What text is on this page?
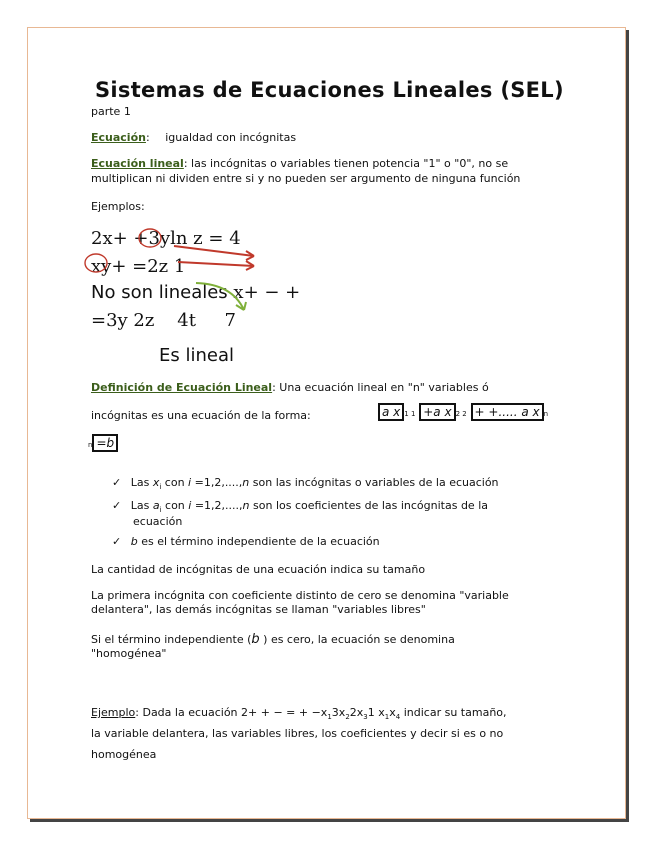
Sistemas de Ecuaciones Lineales (SEL)
parte 1
Ecuación: igualdad con incógnitas
Ecuación lineal: las incógnitas o variables tienen potencia "1" o "0", no se
multiplican ni dividen entre si y no pueden ser argumento de ninguna función
Ejemplos:
2x+ +3yln z = 4
xy+ =2z 1
No son lineales x+ − +
=3y 2z    4t     7
Es lineal
Definición de Ecuación Lineal: Una ecuación lineal en "n" variables ó
incógnitas es una ecuación de la forma:	a x 1 1 +a x 2 2 + +..... a x n
n =b
✓ Las $x_i$ con i =1,2,....,n son las incógnitas o variables de la ecuación
✓ Las $a_i$ con i =1,2,....,n son los coeficientes de las incógnitas de la
ecuación
✓ b es el término independiente de la ecuación
La cantidad de incógnitas de una ecuación indica su tamaño
La primera incógnita con coeficiente distinto de cero se denomina "variable
delantera", las demás incógnitas se llaman "variables libres"
Si el término independiente (b ) es cero, la ecuación se denomina
"homogénea"
Ejemplo: Dada la ecuación 2+ + − = + $-x_13x_22x_31$ $x_1x_4$ indicar su tamaño,
la variable delantera, las variables libres, los coeficientes y decir si es o no
homogénea
